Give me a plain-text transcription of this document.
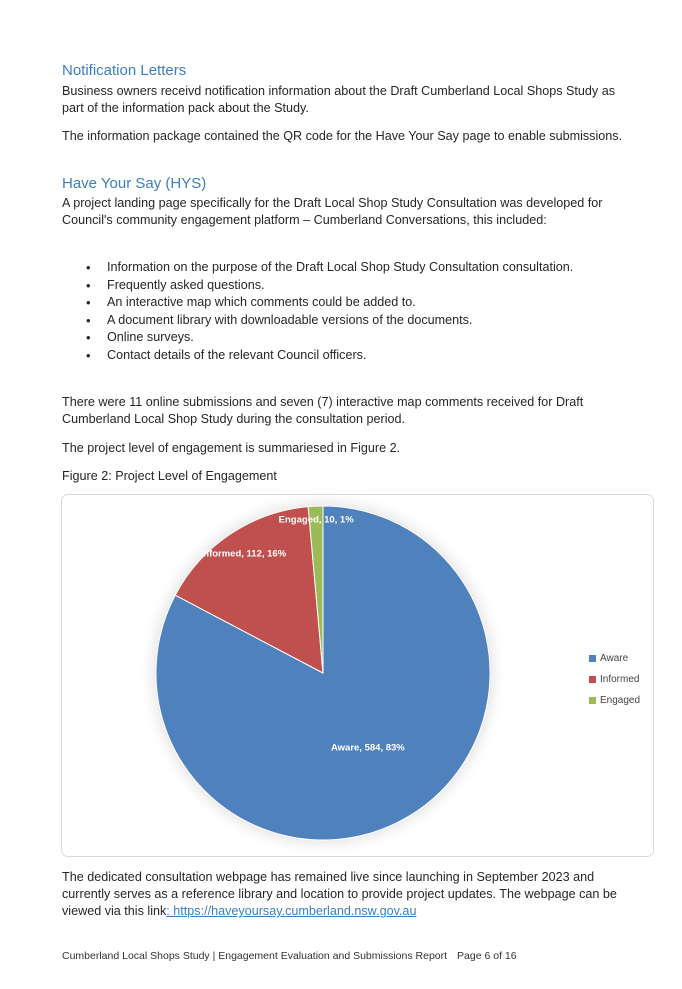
Notification Letters

Business owners receivd notification information about the Draft Cumberland Local Shops Study as part of the information pack about the Study.

The information package contained the QR code for the Have Your Say page to enable submissions.

Have Your Say (HYS)

A project landing page specifically for the Draft Local Shop Study Consultation was developed for Council's community engagement platform – Cumberland Conversations, this included:

• Information on the purpose of the Draft Local Shop Study Consultation consultation.
• Frequently asked questions.
• An interactive map which comments could be added to.
• A document library with downloadable versions of the documents.
• Online surveys.
• Contact details of the relevant Council officers.

There were 11 online submissions and seven (7) interactive map comments received for Draft Cumberland Local Shop Study during the consultation period.

The project level of engagement is summariesed in Figure 2.

Figure 2: Project Level of Engagement
Aware, 584, 83%
Informed, 112, 16%
Engaged, 10, 1%
Aware
Informed
Engaged

The dedicated consultation webpage has remained live since launching in September 2023 and currently serves as a reference library and location to provide project updates. The webpage can be viewed via this link: https://haveyoursay.cumberland.nsw.gov.au

Cumberland Local Shops Study | Engagement Evaluation and Submissions Report Page 6 of 16
